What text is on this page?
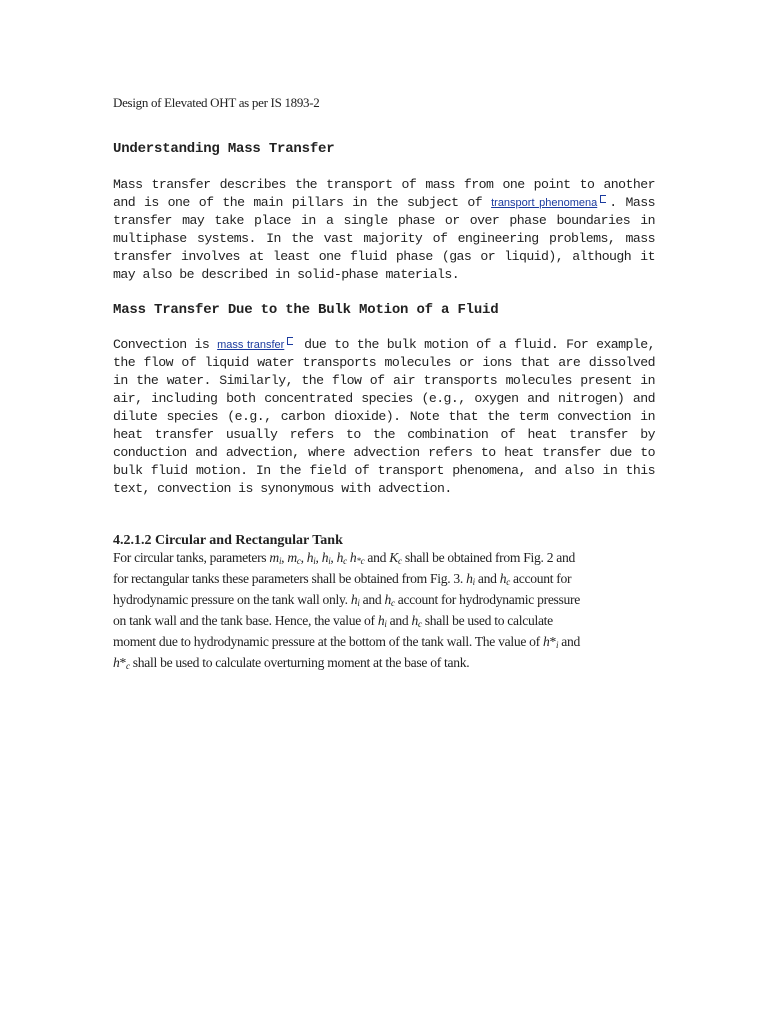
Design of Elevated OHT as per IS 1893-2
Understanding Mass Transfer
Mass transfer describes the transport of mass from one point to another and is one of the main pillars in the subject of transport phenomena . Mass transfer may take place in a single phase or over phase boundaries in multiphase systems. In the vast majority of engineering problems, mass transfer involves at least one fluid phase (gas or liquid), although it may also be described in solid-phase materials.
Mass Transfer Due to the Bulk Motion of a Fluid
Convection is mass transfer due to the bulk motion of a fluid. For example, the flow of liquid water transports molecules or ions that are dissolved in the water. Similarly, the flow of air transports molecules present in air, including both concentrated species (e.g., oxygen and nitrogen) and dilute species (e.g., carbon dioxide). Note that the term convection in heat transfer usually refers to the combination of heat transfer by conduction and advection, where advection refers to heat transfer due to bulk fluid motion. In the field of transport phenomena, and also in this text, convection is synonymous with advection.
4.2.1.2 Circular and Rectangular Tank
For circular tanks, parameters $m_i$, $m_c$, $h_i$, $h_i$, $h_c$ $h_{*c}$ and $K_c$ shall be obtained from Fig. 2 and for rectangular tanks these parameters shall be obtained from Fig. 3. $h_i$ and $h_c$ account for hydrodynamic pressure on the tank wall only. $h_i$ and $h_c$ account for hydrodynamic pressure on tank wall and the tank base. Hence, the value of $h_i$ and $h_c$ shall be used to calculate moment due to hydrodynamic pressure at the bottom of the tank wall. The value of $h*_i$ and $h*_c$ shall be used to calculate overturning moment at the base of tank.
